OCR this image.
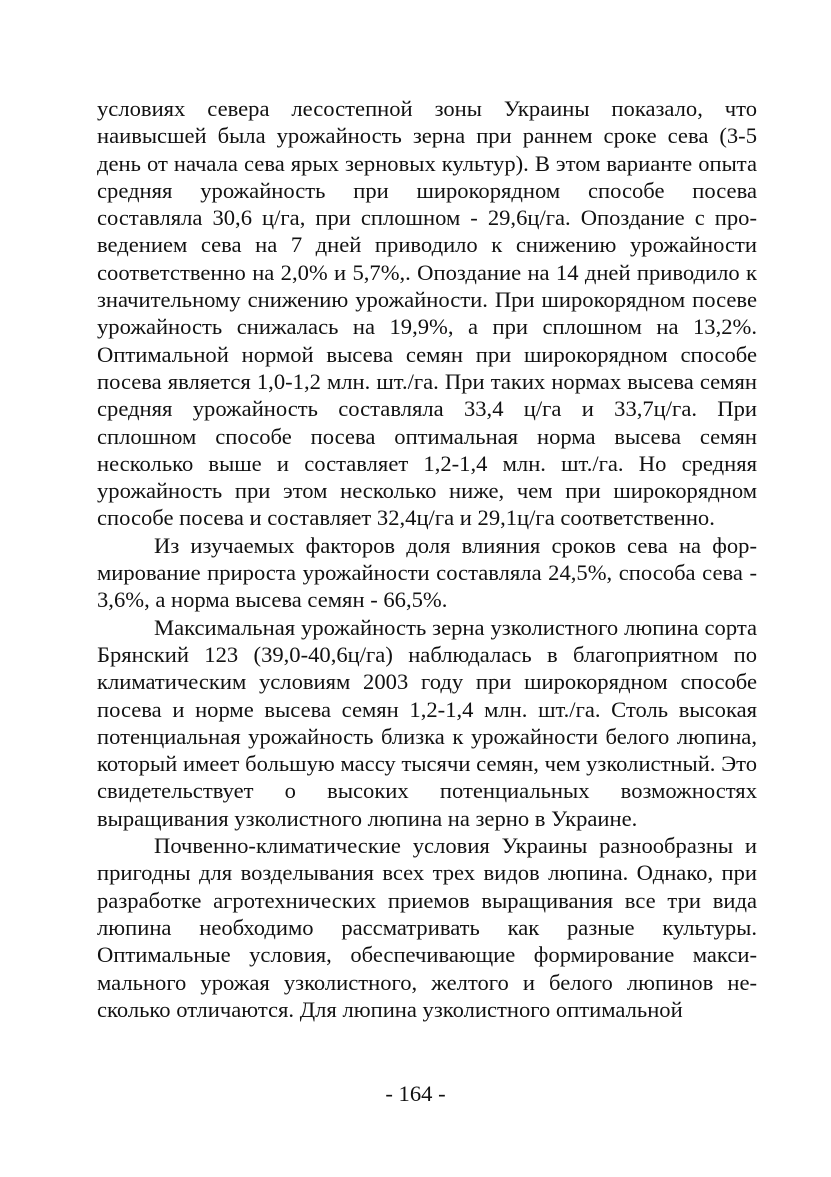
условиях севера лесостепной зоны Украины показало, что наивысшей была урожайность зерна при раннем сроке сева (3-5 день от начала сева ярых зерновых культур). В этом варианте опыта средняя урожайность при широкорядном способе посева составляла 30,6 ц/га, при сплошном - 29,6ц/га. Опоздание с проведением сева на 7 дней приводило к снижению урожайности соответственно на 2,0% и 5,7%,. Опоздание на 14 дней приводило к значительному снижению урожайности. При широкорядном посеве урожайность снижалась на 19,9%, а при сплошном на 13,2%. Оптимальной нормой высева семян при широкорядном способе посева является 1,0-1,2 млн. шт./га. При таких нормах высева семян средняя урожайность составляла 33,4 ц/га и 33,7ц/га. При сплошном способе посева оптимальная норма высева семян несколько выше и составляет 1,2-1,4 млн. шт./га. Но средняя урожайность при этом несколько ниже, чем при широкорядном способе посева и составляет 32,4ц/га и 29,1ц/га соответственно.

Из изучаемых факторов доля влияния сроков сева на формирование прироста урожайности составляла 24,5%, способа сева - 3,6%, а норма высева семян - 66,5%.

Максимальная урожайность зерна узколистного люпина сорта Брянский 123 (39,0-40,6ц/га) наблюдалась в благоприятном по климатическим условиям 2003 году при широкорядном способе посева и норме высева семян 1,2-1,4 млн. шт./га. Столь высокая потенциальная урожайность близка к урожайности белого люпина, который имеет большую массу тысячи семян, чем узколистный. Это свидетельствует о высоких потенциальных возможностях выращивания узколистного люпина на зерно в Украине.

Почвенно-климатические условия Украины разнообразны и пригодны для возделывания всех трех видов люпина. Однако, при разработке агротехнических приемов выращивания все три вида люпина необходимо рассматривать как разные культуры. Оптимальные условия, обеспечивающие формирование максимального урожая узколистного, желтого и белого люпинов несколько отличаются. Для люпина узколистного оптимальной

- 164 -
